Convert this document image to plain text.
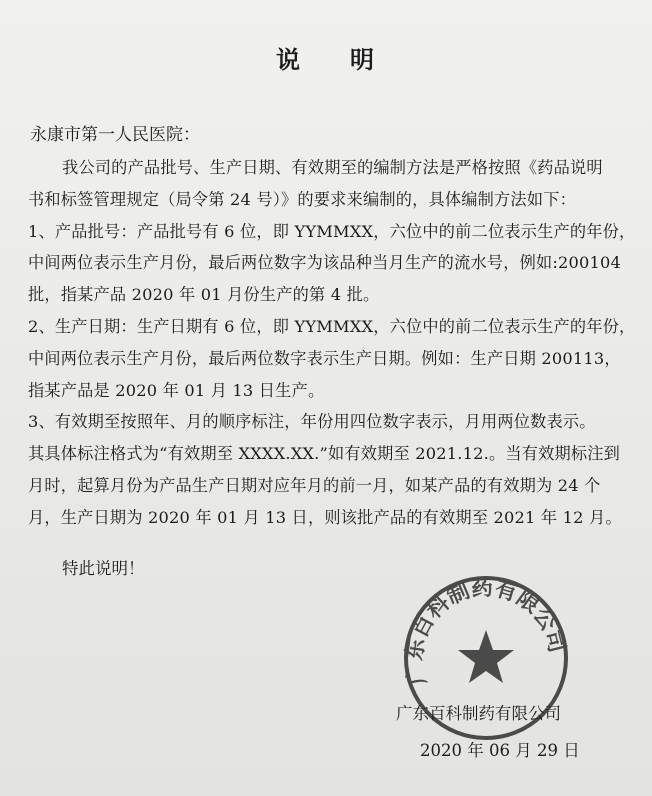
说 明
永康市第一人民医院：
我公司的产品批号、生产日期、有效期至的编制方法是严格按照《药品说明
书和标签管理规定（局令第 24 号）》的要求来编制的，具体编制方法如下：
1、产品批号：产品批号有 6 位，即 YYMMXX，六位中的前二位表示生产的年份，
中间两位表示生产月份，最后两位数字为该品种当月生产的流水号，例如:200104
批，指某产品 2020 年 01 月份生产的第 4 批。
2、生产日期：生产日期有 6 位，即 YYMMXX，六位中的前二位表示生产的年份，
中间两位表示生产月份，最后两位数字表示生产日期。例如：生产日期 200113，
指某产品是 2020 年 01 月 13 日生产。
3、有效期至按照年、月的顺序标注，年份用四位数字表示，月用两位数表示。
其具体标注格式为“有效期至 XXXX.XX.”如有效期至 2021.12.。当有效期标注到
月时，起算月份为产品生产日期对应年月的前一月，如某产品的有效期为 24 个
月，生产日期为 2020 年 01 月 13 日，则该批产品的有效期至 2021 年 12 月。
特此说明！
广东百科制药有限公司
广东百科制药有限公司
2020 年 06 月 29 日
